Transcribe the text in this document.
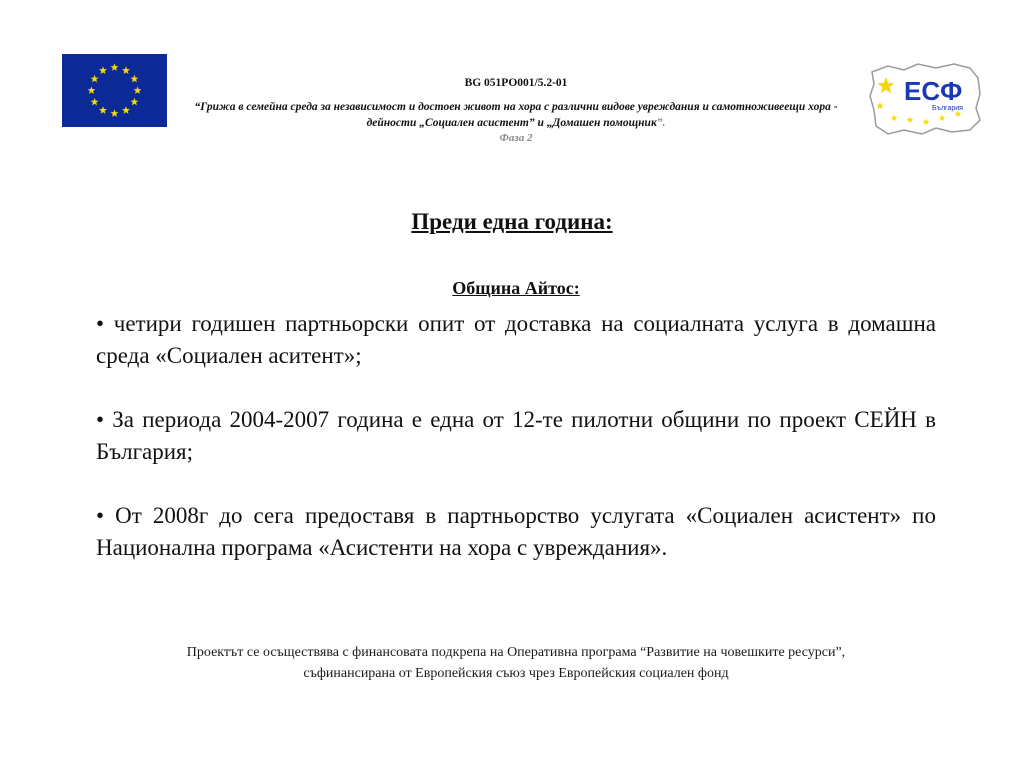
ЕСФ
България
BG 051PO001/5.2-01
“Грижа в семейна среда за независимост и достоен живот на хора с различни видове увреждания и самотноживеещи хора - дейности „Социален асистент” и „Домашен помощник”.
Фаза 2
Преди една година:
Община Айтос:

• четири годишен партньорски опит от доставка на социалната услуга в домашна среда «Социален аситент»;

• За периода 2004-2007 година е една от 12-те пилотни общини по проект СЕЙН в България;

• От 2008г до сега предоставя в партньорство услугата «Социален асистент» по Национална програма «Асистенти на хора с увреждания».

Проектът се осъществява с финансовата подкрепа на Оперативна програма “Развитие на човешките ресурси”,
съфинансирана от Европейския съюз чрез Европейския социален фонд
